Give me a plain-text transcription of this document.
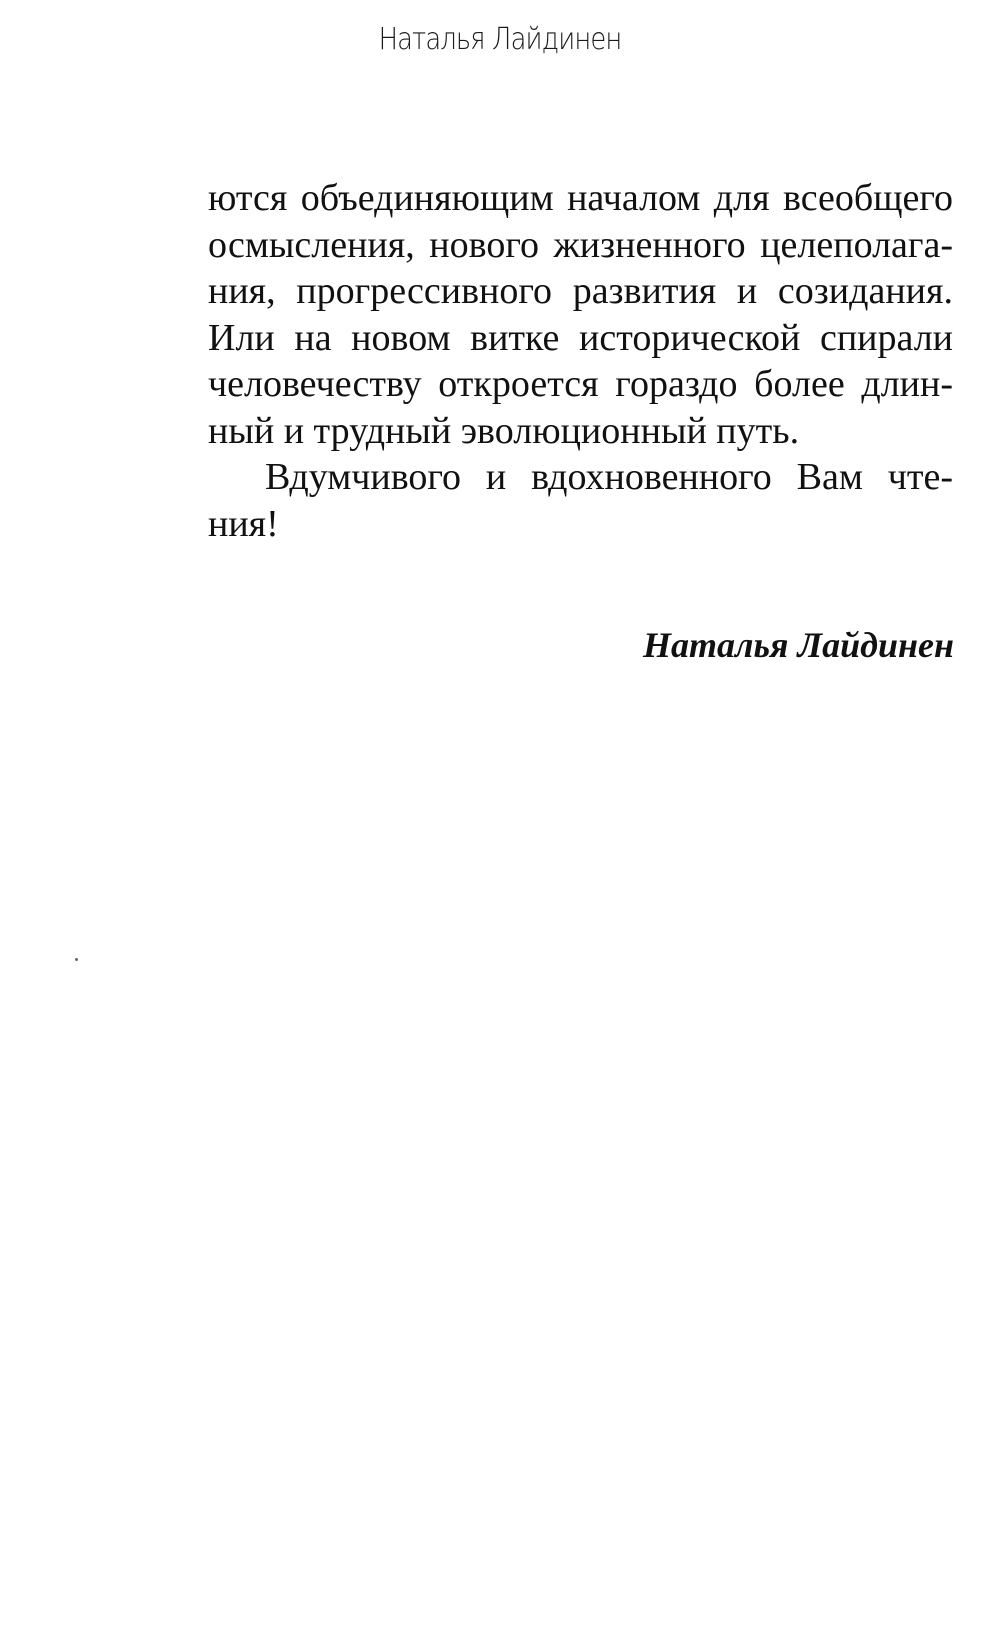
Наталья Лайдинен
ются объединяющим началом для всеобщего
осмысления, нового жизненного целеполага-
ния, прогрессивного развития и созидания.
Или на новом витке исторической спирали
человечеству откроется гораздо более длин-
ный и трудный эволюционный путь.
Вдумчивого и вдохновенного Вам чте-
ния!
Наталья Лайдинен
